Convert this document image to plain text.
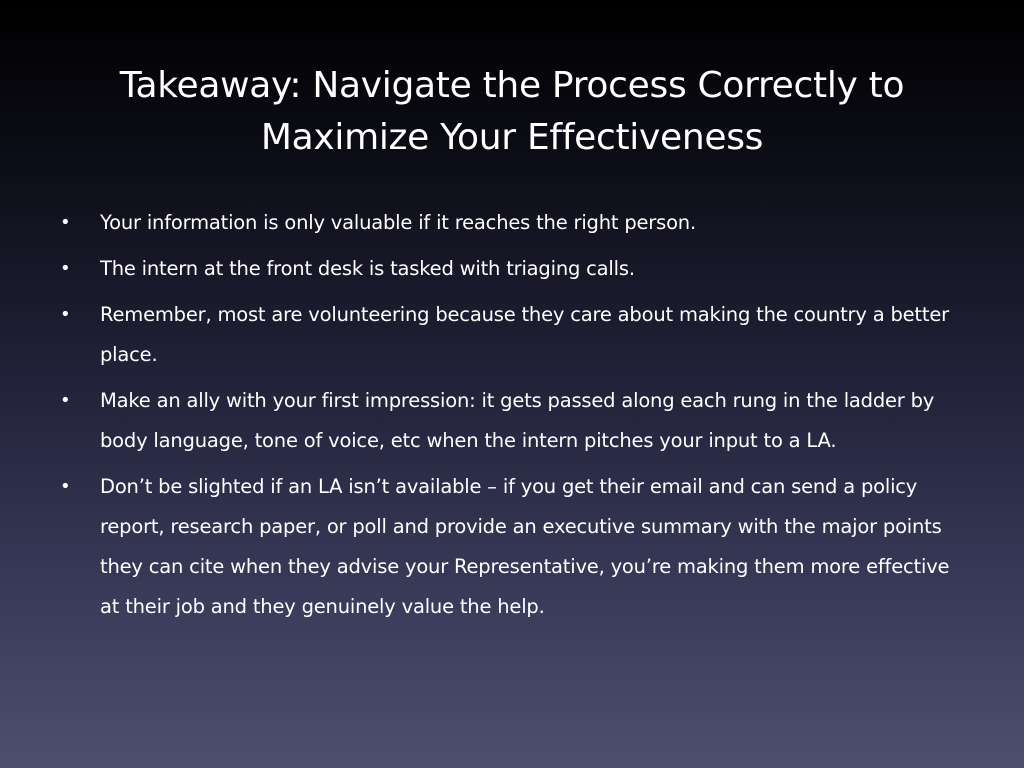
Takeaway: Navigate the Process Correctly to
Maximize Your Effectiveness
• Your information is only valuable if it reaches the right person.
• The intern at the front desk is tasked with triaging calls.
• Remember, most are volunteering because they care about making the country a better place.
• Make an ally with your first impression: it gets passed along each rung in the ladder by body language, tone of voice, etc when the intern pitches your input to a LA.
• Don’t be slighted if an LA isn’t available – if you get their email and can send a policy report, research paper, or poll and provide an executive summary with the major points they can cite when they advise your Representative, you’re making them more effective at their job and they genuinely value the help.
